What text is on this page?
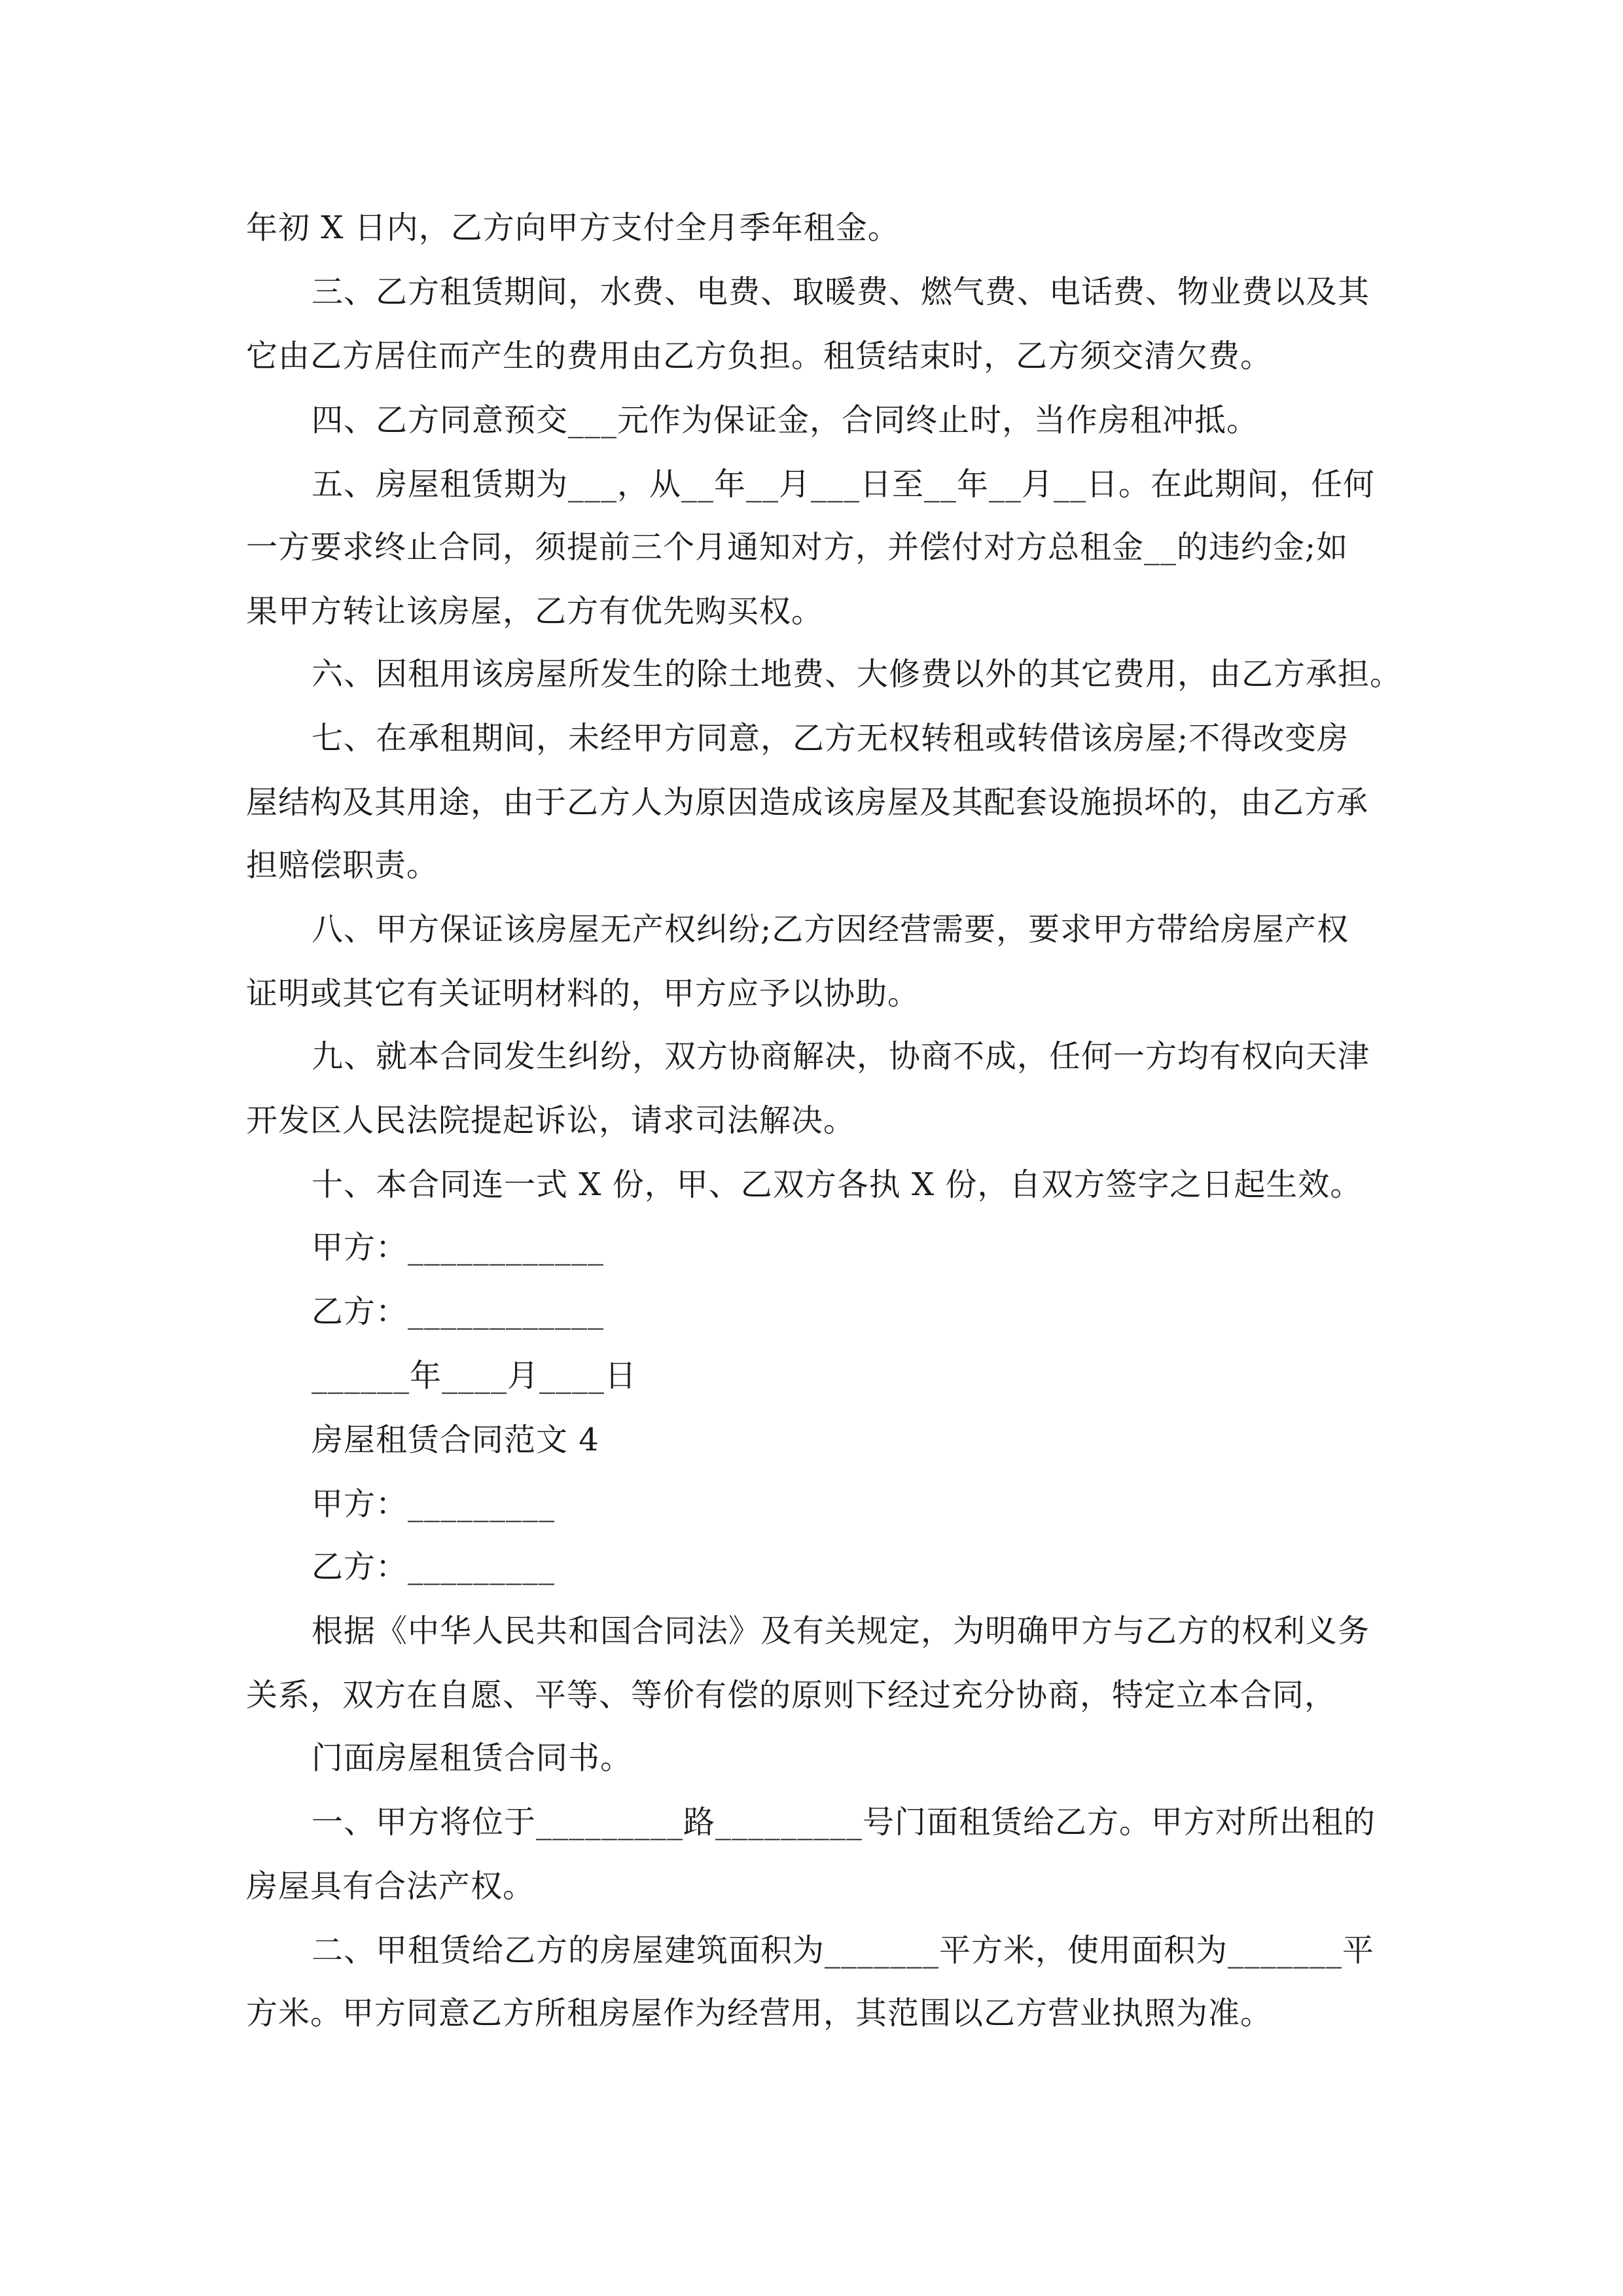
年初 X 日内，乙方向甲方支付全月季年租金。
三、乙方租赁期间，水费、电费、取暖费、燃气费、电话费、物业费以及其
它由乙方居住而产生的费用由乙方负担。租赁结束时，乙方须交清欠费。
四、乙方同意预交___元作为保证金，合同终止时，当作房租冲抵。
五、房屋租赁期为___，从__年__月___日至__年__月__日。在此期间，任何
一方要求终止合同，须提前三个月通知对方，并偿付对方总租金__的违约金;如
果甲方转让该房屋，乙方有优先购买权。
六、因租用该房屋所发生的除土地费、大修费以外的其它费用，由乙方承担。
七、在承租期间，未经甲方同意，乙方无权转租或转借该房屋;不得改变房
屋结构及其用途，由于乙方人为原因造成该房屋及其配套设施损坏的，由乙方承
担赔偿职责。
八、甲方保证该房屋无产权纠纷;乙方因经营需要，要求甲方带给房屋产权
证明或其它有关证明材料的，甲方应予以协助。
九、就本合同发生纠纷，双方协商解决，协商不成，任何一方均有权向天津
开发区人民法院提起诉讼，请求司法解决。
十、本合同连一式 X 份，甲、乙双方各执 X 份，自双方签字之日起生效。
甲方：____________
乙方：____________
______年____月____日
房屋租赁合同范文 4
甲方：_________
乙方：_________
根据《中华人民共和国合同法》及有关规定，为明确甲方与乙方的权利义务
关系，双方在自愿、平等、等价有偿的原则下经过充分协商，特定立本合同，
门面房屋租赁合同书。
一、甲方将位于_________路_________号门面租赁给乙方。甲方对所出租的
房屋具有合法产权。
二、甲租赁给乙方的房屋建筑面积为_______平方米，使用面积为_______平
方米。甲方同意乙方所租房屋作为经营用，其范围以乙方营业执照为准。
